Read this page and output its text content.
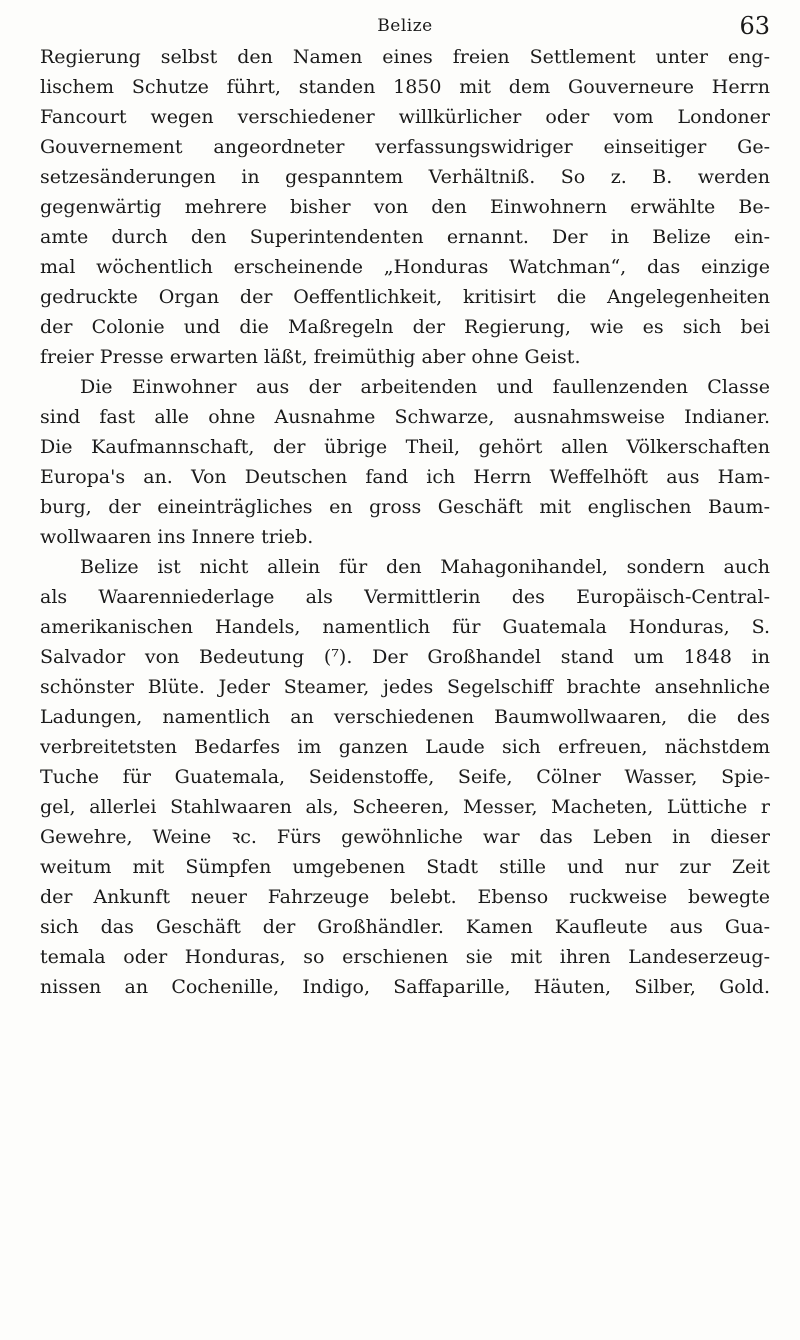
Belize	63
Regierung selbst den Namen eines freien Settlement unter eng-
lischem Schutze führt, standen 1850 mit dem Gouverneure Herrn
Fancourt wegen verschiedener willkürlicher oder vom Londoner
Gouvernement angeordneter verfassungswidriger einseitiger Ge-
setzesänderungen in gespanntem Verhältniß. So z. B. werden
gegenwärtig mehrere bisher von den Einwohnern erwählte Be-
amte durch den Superintendenten ernannt. Der in Belize ein-
mal wöchentlich erscheinende „Honduras Watchman“, das einzige
gedruckte Organ der Oeffentlichkeit, kritisirt die Angelegenheiten
der Colonie und die Maßregeln der Regierung, wie es sich bei
freier Presse erwarten läßt, freimüthig aber ohne Geist.
Die Einwohner aus der arbeitenden und faullenzenden Classe
sind fast alle ohne Ausnahme Schwarze, ausnahmsweise Indianer.
Die Kaufmannschaft, der übrige Theil, gehört allen Völkerschaften
Europa's an. Von Deutschen fand ich Herrn Weffelhöft aus Ham-
burg, der eineinträgliches en gross Geschäft mit englischen Baum-
wollwaaren ins Innere trieb.
Belize ist nicht allein für den Mahagonihandel, sondern auch
als Waarenniederlage als Vermittlerin des Europäisch-Central-
amerikanischen Handels, namentlich für Guatemala Honduras, S.
Salvador von Bedeutung (⁷). Der Großhandel stand um 1848 in
schönster Blüte. Jeder Steamer, jedes Segelschiff brachte ansehnliche
Ladungen, namentlich an verschiedenen Baumwollwaaren, die des
verbreitetsten Bedarfes im ganzen Laude sich erfreuen, nächstdem
Tuche für Guatemala, Seidenstoffe, Seife, Cölner Wasser, Spie-
gel, allerlei Stahlwaaren als, Scheeren, Messer, Macheten, Lüttiche r
Gewehre, Weine ꝛc. Fürs gewöhnliche war das Leben in dieser
weitum mit Sümpfen umgebenen Stadt stille und nur zur Zeit
der Ankunft neuer Fahrzeuge belebt. Ebenso ruckweise bewegte
sich das Geschäft der Großhändler. Kamen Kaufleute aus Gua-
temala oder Honduras, so erschienen sie mit ihren Landeserzeug-
nissen an Cochenille, Indigo, Saffaparille, Häuten, Silber, Gold.
